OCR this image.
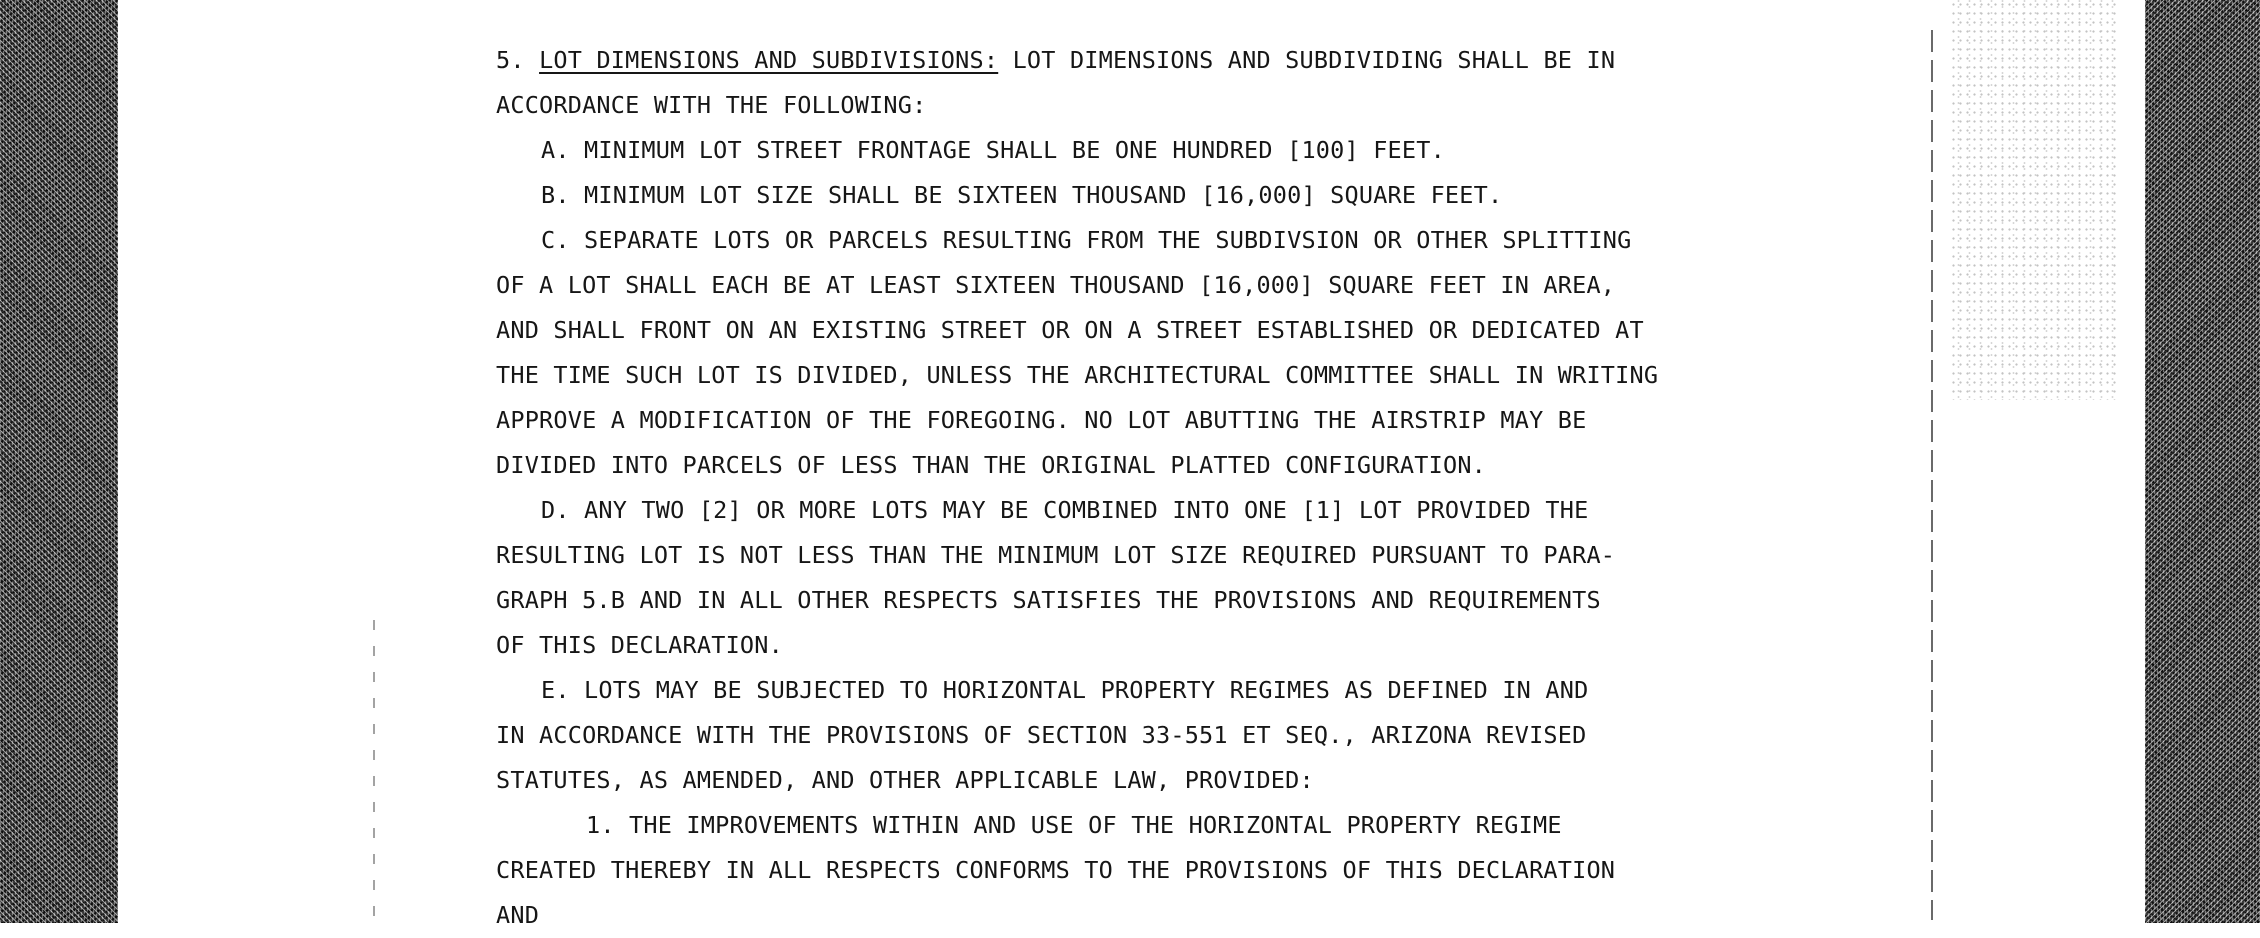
5. LOT DIMENSIONS AND SUBDIVISIONS: LOT DIMENSIONS AND SUBDIVIDING SHALL BE IN
ACCORDANCE WITH THE FOLLOWING:
A. MINIMUM LOT STREET FRONTAGE SHALL BE ONE HUNDRED [100] FEET.
B. MINIMUM LOT SIZE SHALL BE SIXTEEN THOUSAND [16,000] SQUARE FEET.
C. SEPARATE LOTS OR PARCELS RESULTING FROM THE SUBDIVSION OR OTHER SPLITTING
OF A LOT SHALL EACH BE AT LEAST SIXTEEN THOUSAND [16,000] SQUARE FEET IN AREA,
AND SHALL FRONT ON AN EXISTING STREET OR ON A STREET ESTABLISHED OR DEDICATED AT
THE TIME SUCH LOT IS DIVIDED, UNLESS THE ARCHITECTURAL COMMITTEE SHALL IN WRITING
APPROVE A MODIFICATION OF THE FOREGOING. NO LOT ABUTTING THE AIRSTRIP MAY BE
DIVIDED INTO PARCELS OF LESS THAN THE ORIGINAL PLATTED CONFIGURATION.
D. ANY TWO [2] OR MORE LOTS MAY BE COMBINED INTO ONE [1] LOT PROVIDED THE
RESULTING LOT IS NOT LESS THAN THE MINIMUM LOT SIZE REQUIRED PURSUANT TO PARA-
GRAPH 5.B AND IN ALL OTHER RESPECTS SATISFIES THE PROVISIONS AND REQUIREMENTS
OF THIS DECLARATION.
E. LOTS MAY BE SUBJECTED TO HORIZONTAL PROPERTY REGIMES AS DEFINED IN AND
IN ACCORDANCE WITH THE PROVISIONS OF SECTION 33-551 ET SEQ., ARIZONA REVISED
STATUTES, AS AMENDED, AND OTHER APPLICABLE LAW, PROVIDED:
1. THE IMPROVEMENTS WITHIN AND USE OF THE HORIZONTAL PROPERTY REGIME
CREATED THEREBY IN ALL RESPECTS CONFORMS TO THE PROVISIONS OF THIS DECLARATION
AND
